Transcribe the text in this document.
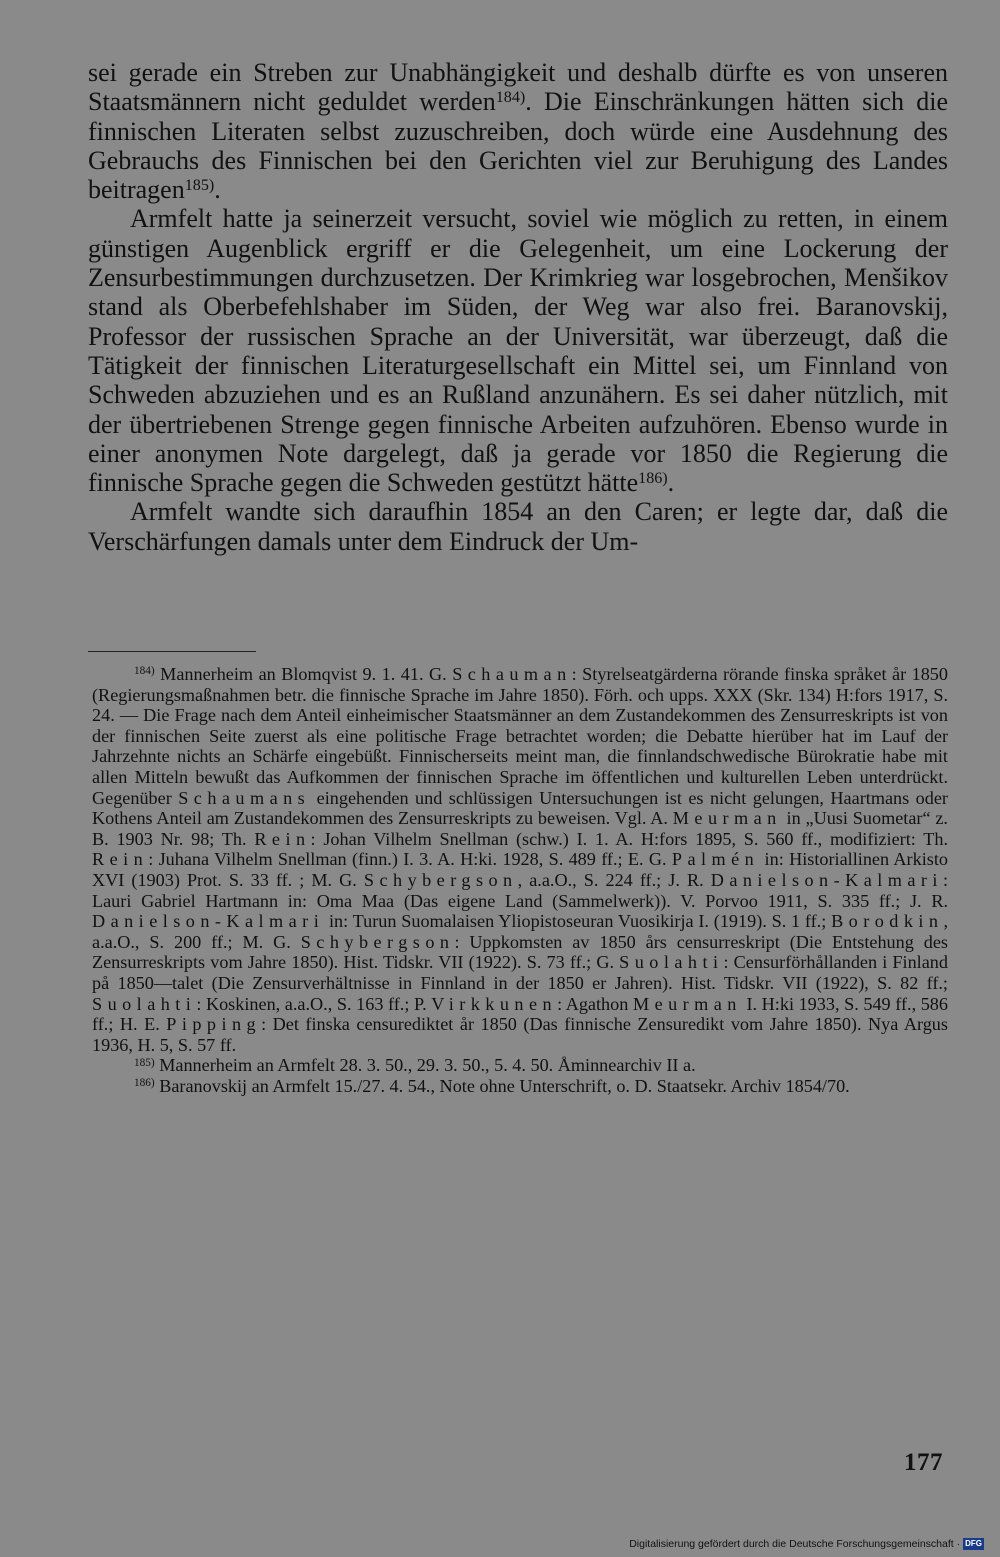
sei gerade ein Streben zur Unabhängigkeit und deshalb dürfte es von unseren Staatsmännern nicht geduldet werden$^{184)}$. Die Einschränkungen hätten sich die finnischen Literaten selbst zuzuschreiben, doch würde eine Ausdehnung des Gebrauchs des Finnischen bei den Gerichten viel zur Beruhigung des Landes beitragen$^{185)}$.

Armfelt hatte ja seinerzeit versucht, soviel wie möglich zu retten, in einem günstigen Augenblick ergriff er die Gelegenheit, um eine Lockerung der Zensurbestimmungen durchzusetzen. Der Krimkrieg war losgebrochen, Menšikov stand als Oberbefehlshaber im Süden, der Weg war also frei. Baranovskij, Professor der russischen Sprache an der Universität, war überzeugt, daß die Tätigkeit der finnischen Literaturgesellschaft ein Mittel sei, um Finnland von Schweden abzuziehen und es an Rußland anzunähern. Es sei daher nützlich, mit der übertriebenen Strenge gegen finnische Arbeiten aufzuhören. Ebenso wurde in einer anonymen Note dargelegt, daß ja gerade vor 1850 die Regierung die finnische Sprache gegen die Schweden gestützt hätte$^{186)}$.

Armfelt wandte sich daraufhin 1854 an den Caren; er legte dar, daß die Verschärfungen damals unter dem Eindruck der Um-

$^{184)}$ Mannerheim an Blomqvist 9. 1. 41. G. Schauman: Styrelseatgärderna rörande finska språket år 1850 (Regierungsmaßnahmen betr. die finnische Sprache im Jahre 1850). Förh. och upps. XXX (Skr. 134) H:fors 1917, S. 24. — Die Frage nach dem Anteil einheimischer Staatsmänner an dem Zustandekommen des Zensurreskripts ist von der finnischen Seite zuerst als eine politische Frage betrachtet worden; die Debatte hierüber hat im Lauf der Jahrzehnte nichts an Schärfe eingebüßt. Finnischerseits meint man, die finnlandschwedische Bürokratie habe mit allen Mitteln bewußt das Aufkommen der finnischen Sprache im öffentlichen und kulturellen Leben unterdrückt. Gegenüber Schaumans eingehenden und schlüssigen Untersuchungen ist es nicht gelungen, Haartmans oder Kothens Anteil am Zustandekommen des Zensurreskripts zu beweisen. Vgl. A. Meurman in „Uusi Suometar“ z. B. 1903 Nr. 98; Th. Rein: Johan Vilhelm Snellman (schw.) I. 1. A. H:fors 1895, S. 560 ff., modifiziert: Th. Rein: Juhana Vilhelm Snellman (finn.) I. 3. A. H:ki. 1928, S. 489 ff.; E. G. Palmén in: Historiallinen Arkisto XVI (1903) Prot. S. 33 ff. ; M. G. Schybergson, a.a.O., S. 224 ff.; J. R. Danielson-Kalmari: Lauri Gabriel Hartmann in: Oma Maa (Das eigene Land (Sammelwerk)). V. Porvoo 1911, S. 335 ff.; J. R. Danielson-Kalmari in: Turun Suomalaisen Yliopistoseuran Vuosikirja I. (1919). S. 1 ff.; Borodkin, a.a.O., S. 200 ff.; M. G. Schybergson: Uppkomsten av 1850 års censurreskript (Die Entstehung des Zensurreskripts vom Jahre 1850). Hist. Tidskr. VII (1922). S. 73 ff.; G. Suolahti: Censurförhållanden i Finland på 1850—talet (Die Zensurverhältnisse in Finnland in der 1850 er Jahren). Hist. Tidskr. VII (1922), S. 82 ff.; Suolahti: Koskinen, a.a.O., S. 163 ff.; P. Virkkunen: Agathon Meurman I. H:ki 1933, S. 549 ff., 586 ff.; H. E. Pipping: Det finska censurediktet år 1850 (Das finnische Zensuredikt vom Jahre 1850). Nya Argus 1936, H. 5, S. 57 ff.

$^{185)}$ Mannerheim an Armfelt 28. 3. 50., 29. 3. 50., 5. 4. 50. Åminnearchiv II a.

$^{186)}$ Baranovskij an Armfelt 15./27. 4. 54., Note ohne Unterschrift, o. D. Staatsekr. Archiv 1854/70.

177
Digitalisierung gefördert durch die Deutsche Forschungsgemeinschaft · DFG
